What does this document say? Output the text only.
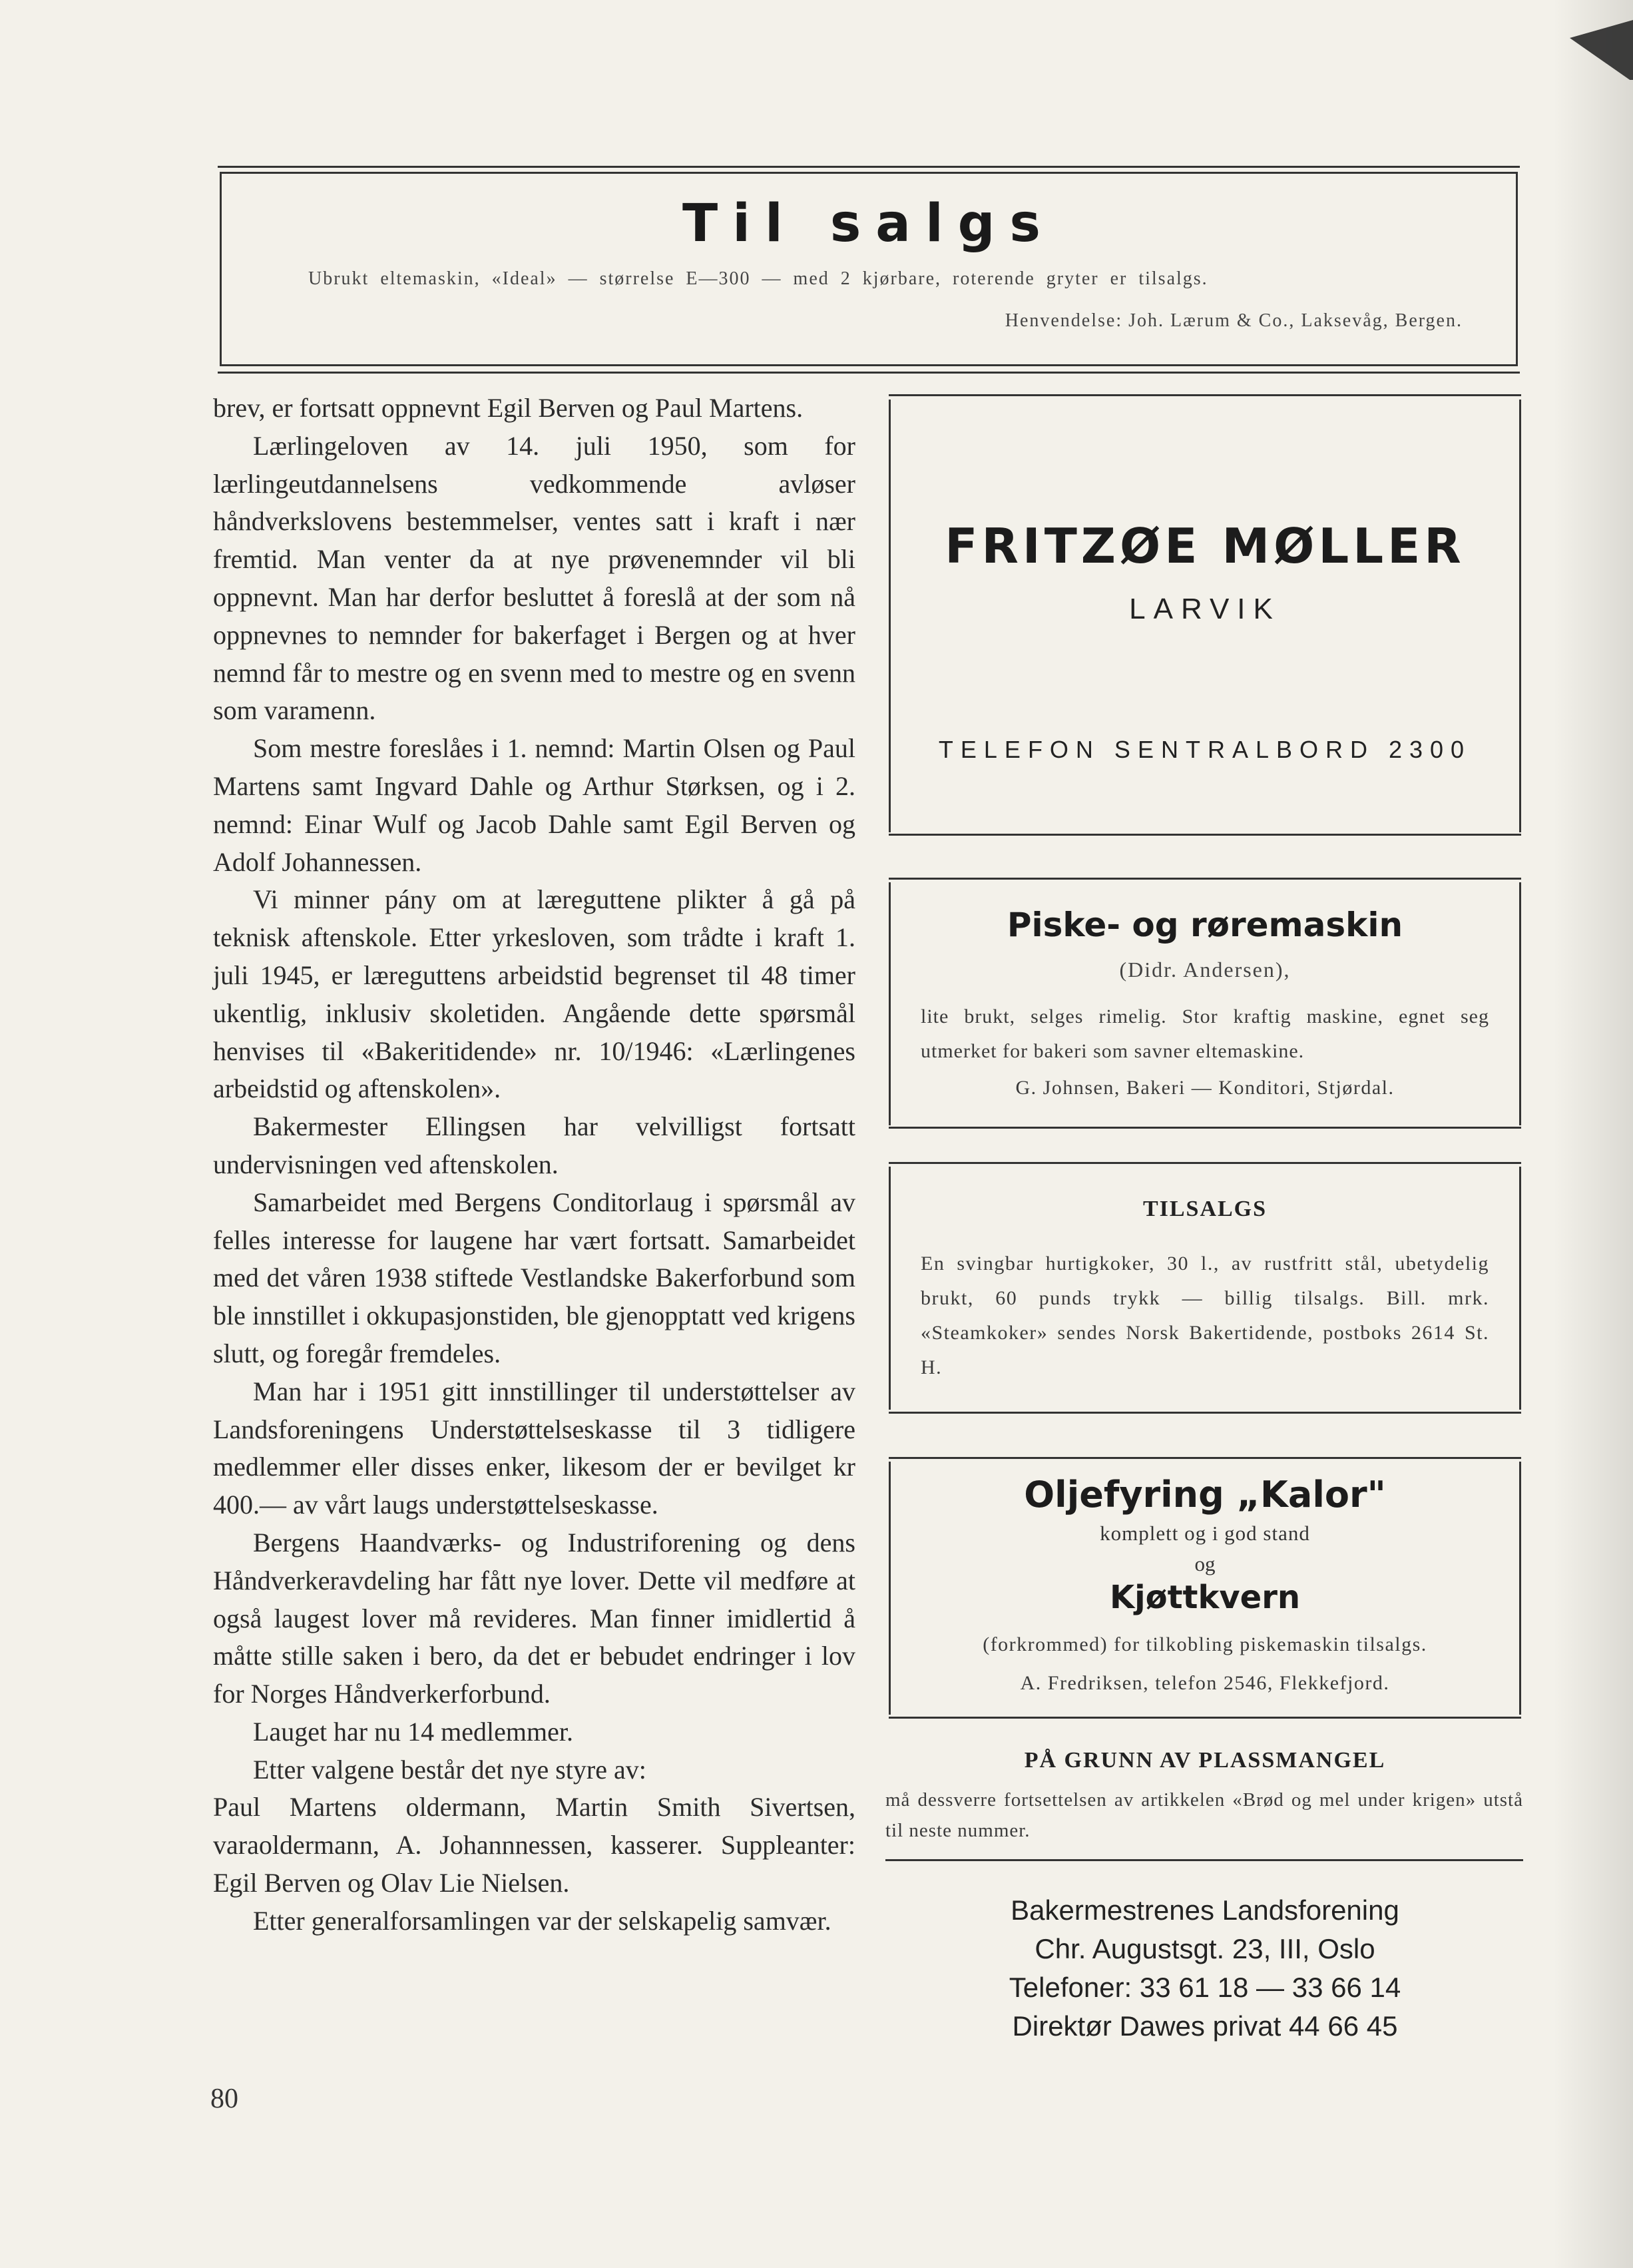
Til salgs
Ubrukt eltemaskin, «Ideal» — størrelse E—300 — med 2 kjørbare, roterende gryter er tilsalgs.
Henvendelse: Joh. Lærum & Co., Laksevåg, Bergen.

brev, er fortsatt oppnevnt Egil Berven og Paul Martens.

Lærlingeloven av 14. juli 1950, som for lærlingeutdannelsens vedkommende avløser håndverkslovens bestemmelser, ventes satt i kraft i nær fremtid. Man venter da at nye prøvenemnder vil bli oppnevnt. Man har derfor besluttet å foreslå at der som nå oppnevnes to nemnder for bakerfaget i Bergen og at hver nemnd får to mestre og en svenn med to mestre og en svenn som varamenn.

Som mestre foreslåes i 1. nemnd: Martin Olsen og Paul Martens samt Ingvard Dahle og Arthur Størksen, og i 2. nemnd: Einar Wulf og Jacob Dahle samt Egil Berven og Adolf Johannessen.

Vi minner pány om at læreguttene plikter å gå på teknisk aftenskole. Etter yrkesloven, som trådte i kraft 1. juli 1945, er læreguttens arbeidstid begrenset til 48 timer ukentlig, inklusiv skoletiden. Angående dette spørsmål henvises til «Bakeritidende» nr. 10/1946: «Lærlingenes arbeidstid og aftenskolen».

Bakermester Ellingsen har velvilligst fortsatt undervisningen ved aftenskolen.

Samarbeidet med Bergens Conditorlaug i spørsmål av felles interesse for laugene har vært fortsatt. Samarbeidet med det våren 1938 stiftede Vestlandske Bakerforbund som ble innstillet i okkupasjonstiden, ble gjenopptatt ved krigens slutt, og foregår fremdeles.

Man har i 1951 gitt innstillinger til understøttelser av Landsforeningens Understøttelseskasse til 3 tidligere medlemmer eller disses enker, likesom der er bevilget kr 400.— av vårt laugs understøttelseskasse.

Bergens Haandværks- og Industriforening og dens Håndverkeravdeling har fått nye lover. Dette vil medføre at også laugest lover må revideres. Man finner imidlertid å måtte stille saken i bero, da det er bebudet endringer i lov for Norges Håndverkerforbund.

Lauget har nu 14 medlemmer.

Etter valgene består det nye styre av:

Paul Martens oldermann, Martin Smith Sivertsen, varaoldermann, A. Johannnessen, kasserer. Suppleanter: Egil Berven og Olav Lie Nielsen.

Etter generalforsamlingen var der selskapelig samvær.

80
FRITZØE MØLLER
LARVIK
TELEFON SENTRALBORD 2300
Piske- og røremaskin
(Didr. Andersen),
lite brukt, selges rimelig. Stor kraftig maskine, egnet seg utmerket for bakeri som savner eltemaskine.
G. Johnsen, Bakeri — Konditori, Stjørdal.
TILSALGS
En svingbar hurtigkoker, 30 l., av rustfritt stål, ubetydelig brukt, 60 punds trykk — billig tilsalgs. Bill. mrk. «Steamkoker» sendes Norsk Bakertidende, postboks 2614 St. H.
Oljefyring „Kalor"
komplett og i god stand
og
Kjøttkvern
(forkrommed) for tilkobling piskemaskin tilsalgs.
A. Fredriksen, telefon 2546, Flekkefjord.
PÅ GRUNN AV PLASSMANGEL
må dessverre fortsettelsen av artikkelen «Brød og mel under krigen» utstå til neste nummer.
Bakermestrenes Landsforening
Chr. Augustsgt. 23, III, Oslo
Telefoner: 33 61 18 — 33 66 14
Direktør Dawes privat 44 66 45
